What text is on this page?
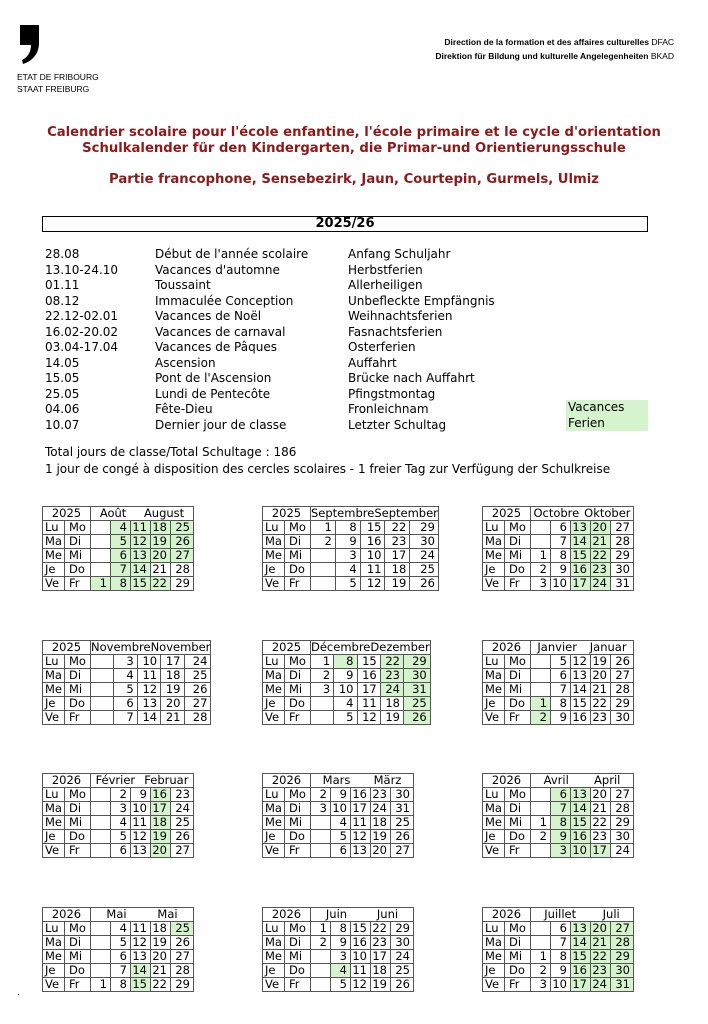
ETAT DE FRIBOURG
STAAT FREIBURG
Direction de la formation et des affaires culturelles DFAC
Direktion für Bildung und kulturelle Angelegenheiten BKAD
Calendrier scolaire pour l'école enfantine, l'école primaire et le cycle d'orientation
Schulkalender für den Kindergarten, die Primar-und Orientierungsschule
Partie francophone, Sensebezirk, Jaun, Courtepin, Gurmels, Ulmiz
2025/26
28.08	Début de l'année scolaire	Anfang Schuljahr
13.10-24.10	Vacances d'automne	Herbstferien
01.11	Toussaint	Allerheiligen
08.12	Immaculée Conception	Unbefleckte Empfängnis
22.12-02.01	Vacances de Noël	Weihnachtsferien
16.02-20.02	Vacances de carnaval	Fasnachtsferien
03.04-17.04	Vacances de Pâques	Osterferien
14.05	Ascension	Auffahrt
15.05	Pont de l'Ascension	Brücke nach Auffahrt
25.05	Lundi de Pentecôte	Pfingstmontag
04.06	Fête-Dieu	Fronleichnam
10.07	Dernier jour de classe	Letzter Schultag
Vacances
Ferien
Total jours de classe/Total Schultage : 186
1 jour de congé à disposition des cercles scolaires - 1 freier Tag zur Verfügung der Schulkreise
2025		Août August				

Lu	Mo		4	11	18	25
Ma	Di		5	12	19	26
Me	Mi		6	13	20	27
Je	Do		7	14	21	28
Ve	Fr	1	8	15	22	29
2025		Septembre September				

Lu	Mo	1	8	15	22	29
Ma	Di	2	9	16	23	30
Me	Mi		3	10	17	24
Je	Do		4	11	18	25
Ve	Fr		5	12	19	26
2025		Octobre Oktober				

Lu	Mo		6	13	20	27
Ma	Di		7	14	21	28
Me	Mi	1	8	15	22	29
Je	Do	2	9	16	23	30
Ve	Fr	3	10	17	24	31
2025		Novembre November				

Lu	Mo		3	10	17	24
Ma	Di		4	11	18	25
Me	Mi		5	12	19	26
Je	Do		6	13	20	27
Ve	Fr		7	14	21	28
2025		Décembre Dezember				

Lu	Mo	1	8	15	22	29
Ma	Di	2	9	16	23	30
Me	Mi	3	10	17	24	31
Je	Do		4	11	18	25
Ve	Fr		5	12	19	26
2026		Janvier Januar				

Lu	Mo		5	12	19	26
Ma	Di		6	13	20	27
Me	Mi		7	14	21	28
Je	Do	1	8	15	22	29
Ve	Fr	2	9	16	23	30
2026		Février Februar				

Lu	Mo		2	9	16	23
Ma	Di		3	10	17	24
Me	Mi		4	11	18	25
Je	Do		5	12	19	26
Ve	Fr		6	13	20	27
2026		Mars März				

Lu	Mo	2	9	16	23	30
Ma	Di	3	10	17	24	31
Me	Mi		4	11	18	25
Je	Do		5	12	19	26
Ve	Fr		6	13	20	27
2026		Avril April				

Lu	Mo		6	13	20	27
Ma	Di		7	14	21	28
Me	Mi	1	8	15	22	29
Je	Do	2	9	16	23	30
Ve	Fr		3	10	17	24
2026		Mai Mai				

Lu	Mo		4	11	18	25
Ma	Di		5	12	19	26
Me	Mi		6	13	20	27
Je	Do		7	14	21	28
Ve	Fr	1	8	15	22	29
2026		Juin Juni				

Lu	Mo	1	8	15	22	29
Ma	Di	2	9	16	23	30
Me	Mi		3	10	17	24
Je	Do		4	11	18	25
Ve	Fr		5	12	19	26
2026		Juillet Juli				

Lu	Mo		6	13	20	27
Ma	Di		7	14	21	28
Me	Mi	1	8	15	22	29
Je	Do	2	9	16	23	30
Ve	Fr	3	10	17	24	31
.
